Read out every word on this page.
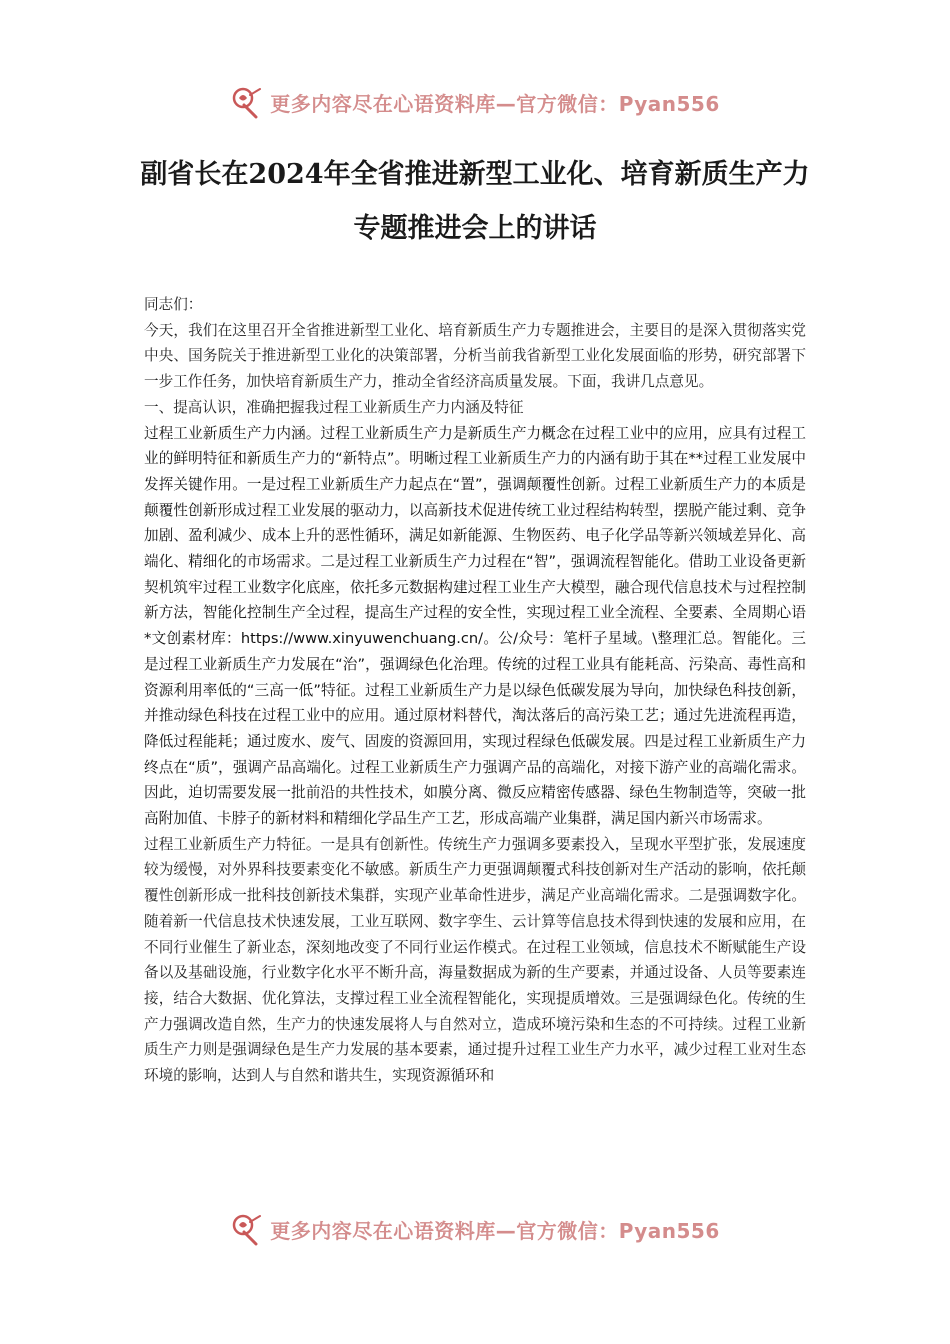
更多内容尽在心语资料库—官方微信：Pyan556
副省长在2024年全省推进新型工业化、培育新质生产力专题推进会上的讲话

同志们：

今天，我们在这里召开全省推进新型工业化、培育新质生产力专题推进会，主要目的是深入贯彻落实党中央、国务院关于推进新型工业化的决策部署，分析当前我省新型工业化发展面临的形势，研究部署下一步工作任务，加快培育新质生产力，推动全省经济高质量发展。下面，我讲几点意见。

一、提高认识，准确把握我过程工业新质生产力内涵及特征

过程工业新质生产力内涵。过程工业新质生产力是新质生产力概念在过程工业中的应用，应具有过程工业的鲜明特征和新质生产力的“新特点”。明晰过程工业新质生产力的内涵有助于其在**过程工业发展中发挥关键作用。一是过程工业新质生产力起点在“置”，强调颠覆性创新。过程工业新质生产力的本质是颠覆性创新形成过程工业发展的驱动力，以高新技术促进传统工业过程结构转型，摆脱产能过剩、竞争加剧、盈利减少、成本上升的恶性循环，满足如新能源、生物医药、电子化学品等新兴领域差异化、高端化、精细化的市场需求。二是过程工业新质生产力过程在“智”，强调流程智能化。借助工业设备更新契机筑牢过程工业数字化底座，依托多元数据构建过程工业生产大模型，融合现代信息技术与过程控制新方法，智能化控制生产全过程，提高生产过程的安全性，实现过程工业全流程、全要素、全周期心语*文创素材库：https://www.xinyuwenchuang.cn/。公/众号：笔杆子星域。\整理汇总。智能化。三是过程工业新质生产力发展在“治”，强调绿色化治理。传统的过程工业具有能耗高、污染高、毒性高和资源利用率低的“三高一低”特征。过程工业新质生产力是以绿色低碳发展为导向，加快绿色科技创新，并推动绿色科技在过程工业中的应用。通过原材料替代，淘汰落后的高污染工艺；通过先进流程再造，降低过程能耗；通过废水、废气、固废的资源回用，实现过程绿色低碳发展。四是过程工业新质生产力终点在“质”，强调产品高端化。过程工业新质生产力强调产品的高端化，对接下游产业的高端化需求。因此，迫切需要发展一批前沿的共性技术，如膜分离、微反应精密传感器、绿色生物制造等，突破一批高附加值、卡脖子的新材料和精细化学品生产工艺，形成高端产业集群，满足国内新兴市场需求。

过程工业新质生产力特征。一是具有创新性。传统生产力强调多要素投入，呈现水平型扩张，发展速度较为缓慢，对外界科技要素变化不敏感。新质生产力更强调颠覆式科技创新对生产活动的影响，依托颠覆性创新形成一批科技创新技术集群，实现产业革命性进步，满足产业高端化需求。二是强调数字化。随着新一代信息技术快速发展，工业互联网、数字孪生、云计算等信息技术得到快速的发展和应用，在不同行业催生了新业态，深刻地改变了不同行业运作模式。在过程工业领域，信息技术不断赋能生产设备以及基础设施，行业数字化水平不断升高，海量数据成为新的生产要素，并通过设备、人员等要素连接，结合大数据、优化算法，支撑过程工业全流程智能化，实现提质增效。三是强调绿色化。传统的生产力强调改造自然，生产力的快速发展将人与自然对立，造成环境污染和生态的不可持续。过程工业新质生产力则是强调绿色是生产力发展的基本要素，通过提升过程工业生产力水平，减少过程工业对生态环境的影响，达到人与自然和谐共生，实现资源循环和

更多内容尽在心语资料库—官方微信：Pyan556
